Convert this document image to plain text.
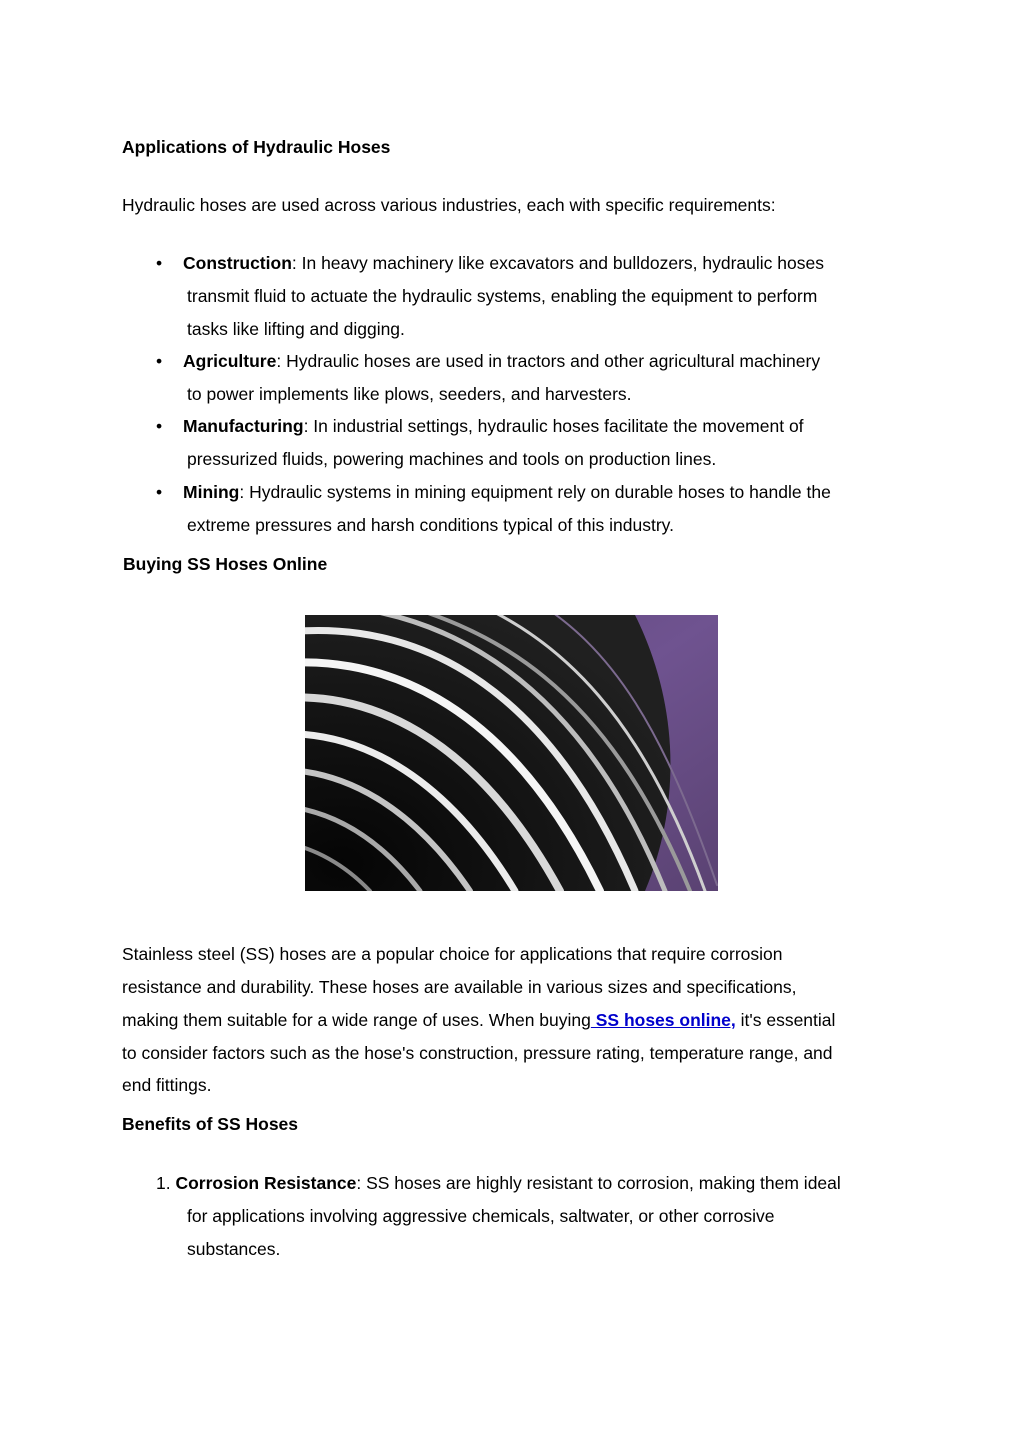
Applications of Hydraulic Hoses

Hydraulic hoses are used across various industries, each with specific requirements:

• Construction: In heavy machinery like excavators and bulldozers, hydraulic hoses

transmit fluid to actuate the hydraulic systems, enabling the equipment to perform

tasks like lifting and digging.

• Agriculture: Hydraulic hoses are used in tractors and other agricultural machinery

to power implements like plows, seeders, and harvesters.

• Manufacturing: In industrial settings, hydraulic hoses facilitate the movement of

pressurized fluids, powering machines and tools on production lines.

• Mining: Hydraulic systems in mining equipment rely on durable hoses to handle the

extreme pressures and harsh conditions typical of this industry.

Buying SS Hoses Online

Stainless steel (SS) hoses are a popular choice for applications that require corrosion

resistance and durability. These hoses are available in various sizes and specifications,

making them suitable for a wide range of uses. When buying SS hoses online, it's essential

to consider factors such as the hose's construction, pressure rating, temperature range, and

end fittings.

Benefits of SS Hoses

1. Corrosion Resistance: SS hoses are highly resistant to corrosion, making them ideal

for applications involving aggressive chemicals, saltwater, or other corrosive

substances.
